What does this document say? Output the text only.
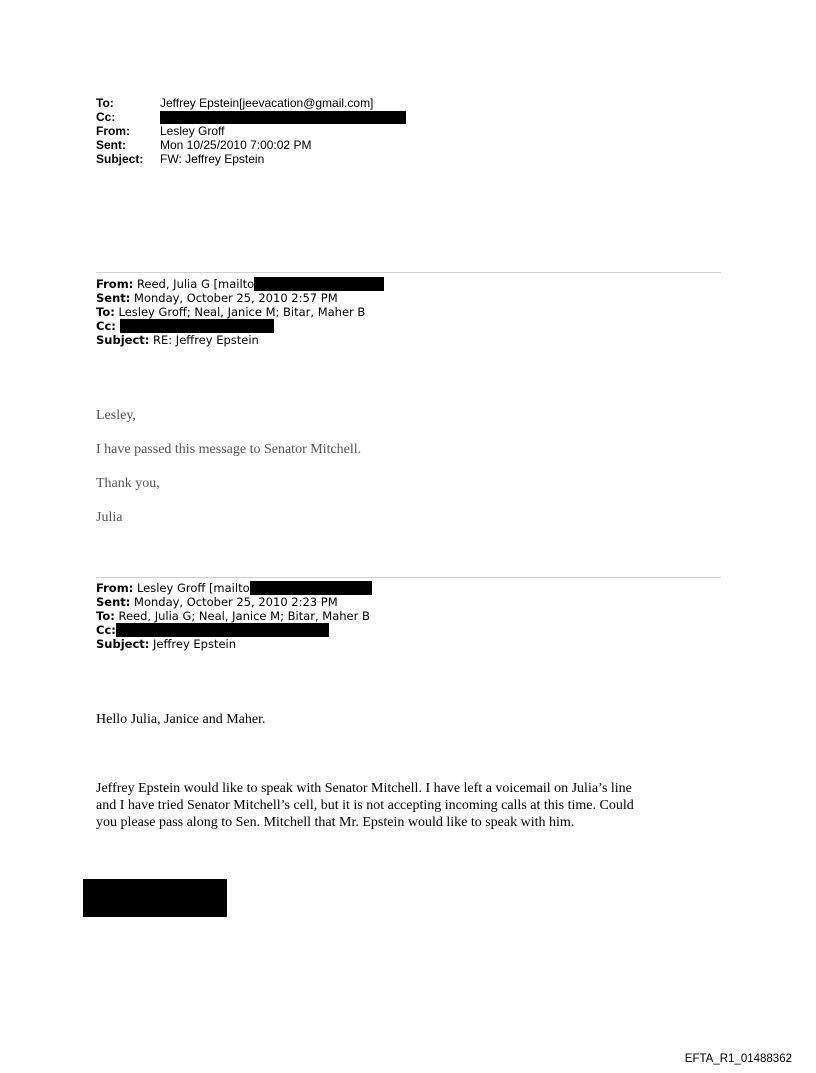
To:	Jeffrey Epstein[jeevacation@gmail.com]
Cc:
From:	Lesley Groff
Sent:	Mon 10/25/2010 7:00:02 PM
Subject:	FW: Jeffrey Epstein
From: Reed, Julia G [mailto
Sent: Monday, October 25, 2010 2:57 PM
To: Lesley Groff; Neal, Janice M; Bitar, Maher B
Cc:
Subject: RE: Jeffrey Epstein
Lesley,
I have passed this message to Senator Mitchell.
Thank you,
Julia
From: Lesley Groff [mailto
Sent: Monday, October 25, 2010 2:23 PM
To: Reed, Julia G; Neal, Janice M; Bitar, Maher B
Cc:
Subject: Jeffrey Epstein
Hello Julia, Janice and Maher.
Jeffrey Epstein would like to speak with Senator Mitchell. I have left a voicemail on Julia’s line
and I have tried Senator Mitchell’s cell, but it is not accepting incoming calls at this time. Could
you please pass along to Sen. Mitchell that Mr. Epstein would like to speak with him.
EFTA_R1_01488362
